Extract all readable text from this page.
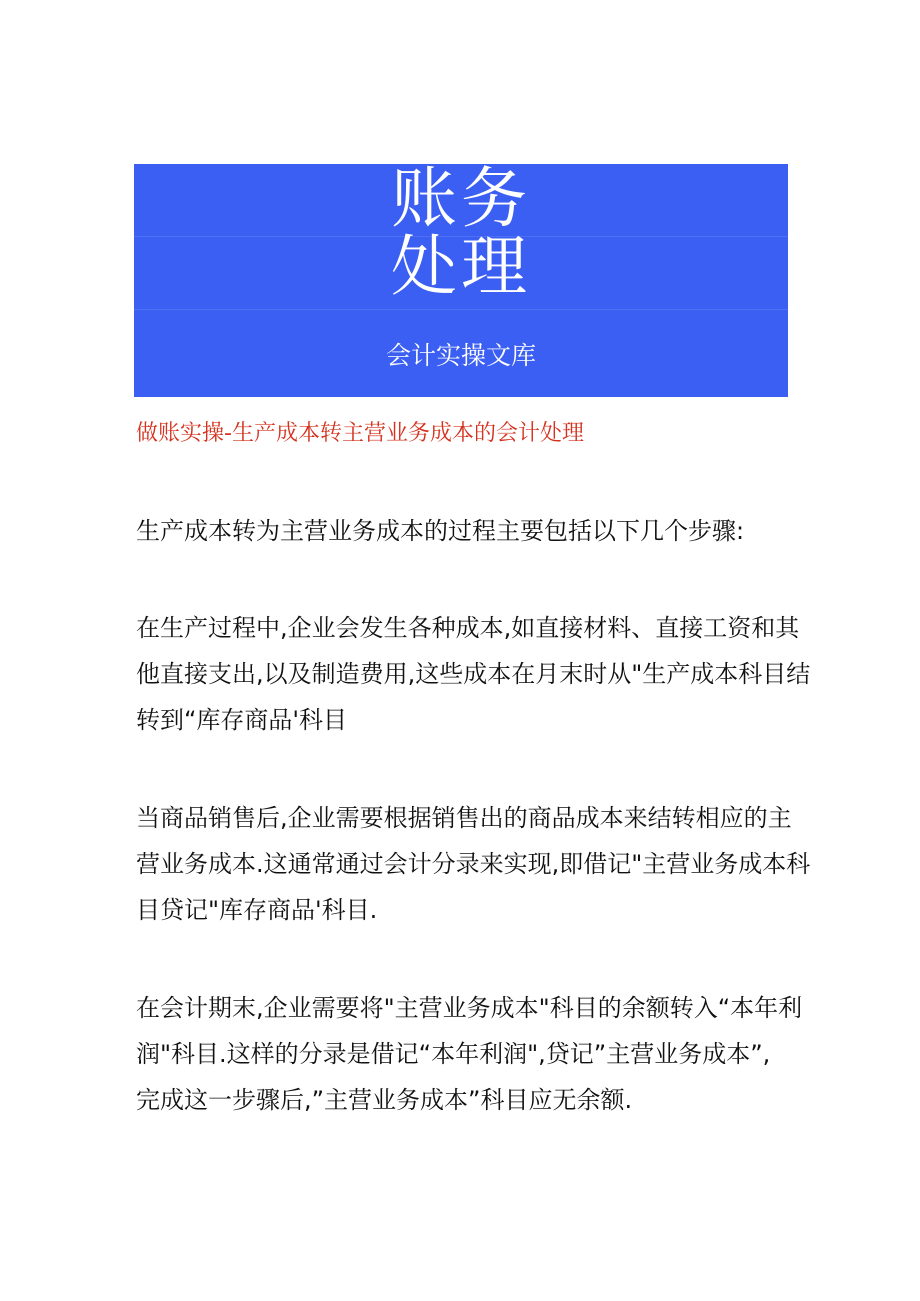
账务
处理
会计实操文库
做账实操-生产成本转主营业务成本的会计处理
生产成本转为主营业务成本的过程主要包括以下几个步骤:
在生产过程中,企业会发生各种成本,如直接材料、直接工资和其
他直接支出,以及制造费用,这些成本在月末时从"生产成本科目结
转到“库存商品'科目
当商品销售后,企业需要根据销售出的商品成本来结转相应的主
营业务成本.这通常通过会计分录来实现,即借记"主营业务成本科
目贷记"库存商品'科目.
在会计期末,企业需要将"主营业务成本"科目的余额转入“本年利
润"科目.这样的分录是借记“本年利润",贷记”主营业务成本”,
完成这一步骤后,”主营业务成本”科目应无余额.
